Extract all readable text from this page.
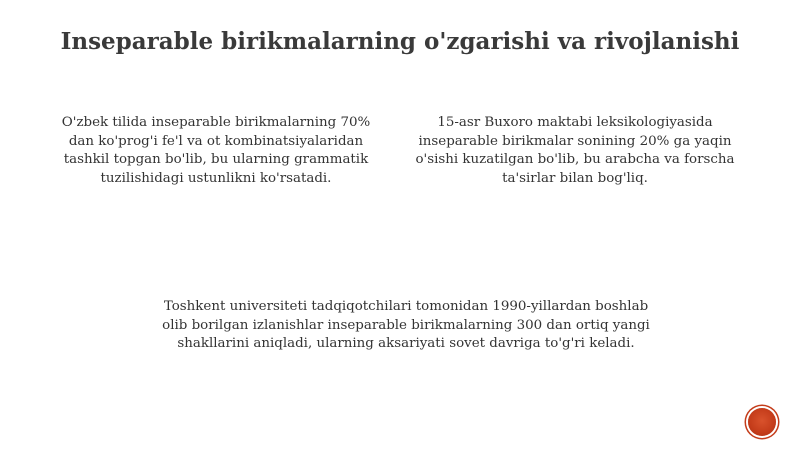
Inseparable birikmalarning o'zgarishi va rivojlanishi
O'zbek tilida inseparable birikmalarning 70% dan ko'prog'i fe'l va ot kombinatsiyalaridan tashkil topgan bo'lib, bu ularning grammatik tuzilishidagi ustunlikni ko'rsatadi.
15-asr Buxoro maktabi leksikologiyasida inseparable birikmalar sonining 20% ga yaqin o'sishi kuzatilgan bo'lib, bu arabcha va forscha ta'sirlar bilan bog'liq.
Toshkent universiteti tadqiqotchilari tomonidan 1990-yillardan boshlab olib borilgan izlanishlar inseparable birikmalarning 300 dan ortiq yangi shakllarini aniqladi, ularning aksariyati sovet davriga to'g'ri keladi.
